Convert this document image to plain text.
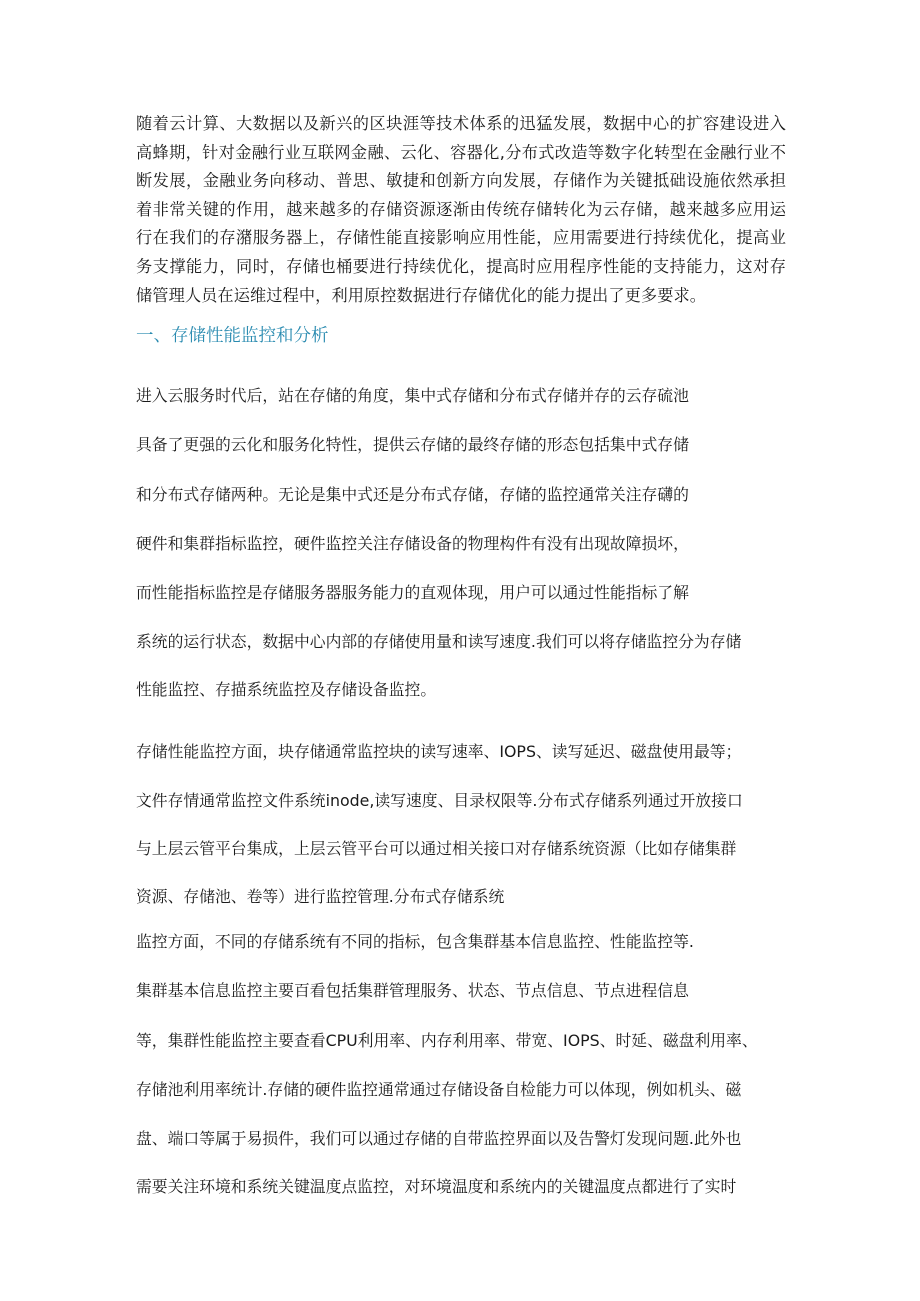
随着云计算、大数据以及新兴的区块涯等技术体系的迅猛发展，数据中心的扩容建设进入高蜂期，针对金融行业互联网金融、云化、容器化,分布式改造等数字化转型在金融行业不断发展，金融业务向移动、普思、敏捷和创新方向发展，存储作为关键抵础设施依然承担着非常关键的作用，越来越多的存储资源逐渐由传统存储转化为云存储，越来越多应用运行在我们的存潴服务器上，存储性能直接影响应用性能，应用需要进行持续优化，提高业务支撑能力，同时，存储也桶要进行持续优化，提高时应用程序性能的支持能力，这对存储管理人员在运维过程中，利用原控数据进行存储优化的能力提出了更多要求。

一、存储性能监控和分析

进入云服务时代后，站在存储的角度，集中式存储和分布式存储并存的云存硫池

具备了更强的云化和服务化特性，提供云存储的最终存储的形态包括集中式存储

和分布式存储两种。无论是集中式还是分布式存储，存储的监控通常关注存礴的

硬件和集群指标监控，硬件监控关注存储设备的物理构件有没有出现故障损坏，

而性能指标监控是存储服务器服务能力的直观体现，用户可以通过性能指标了解

系统的运行状态，数据中心内部的存储使用量和读写速度.我们可以将存储监控分为存储

性能监控、存描系统监控及存储设备监控。

存储性能监控方面，块存储通常监控块的读写速率、IOPS、读写延迟、磁盘使用最等；

文件存情通常监控文件系统inode,读写速度、目录权限等.分布式存储系列通过开放接口

与上层云管平台集成，上层云管平台可以通过相关接口对存储系统资源（比如存储集群

资源、存储池、卷等）进行监控管理.分布式存储系统

监控方面，不同的存储系统有不同的指标，包含集群基本信息监控、性能监控等.

集群基本信息监控主要百看包括集群管理服务、状态、节点信息、节点进程信息

等，集群性能监控主要查看CPU利用率、内存利用率、带宽、IOPS、时延、磁盘利用率、

存储池利用率统计.存储的硬件监控通常通过存储设备自检能力可以体现，例如机头、磁

盘、端口等属于易损件，我们可以通过存储的自带监控界面以及告警灯发现问题.此外也

需要关注环境和系统关键温度点监控，对环境温度和系统内的关键温度点都进行了实时
